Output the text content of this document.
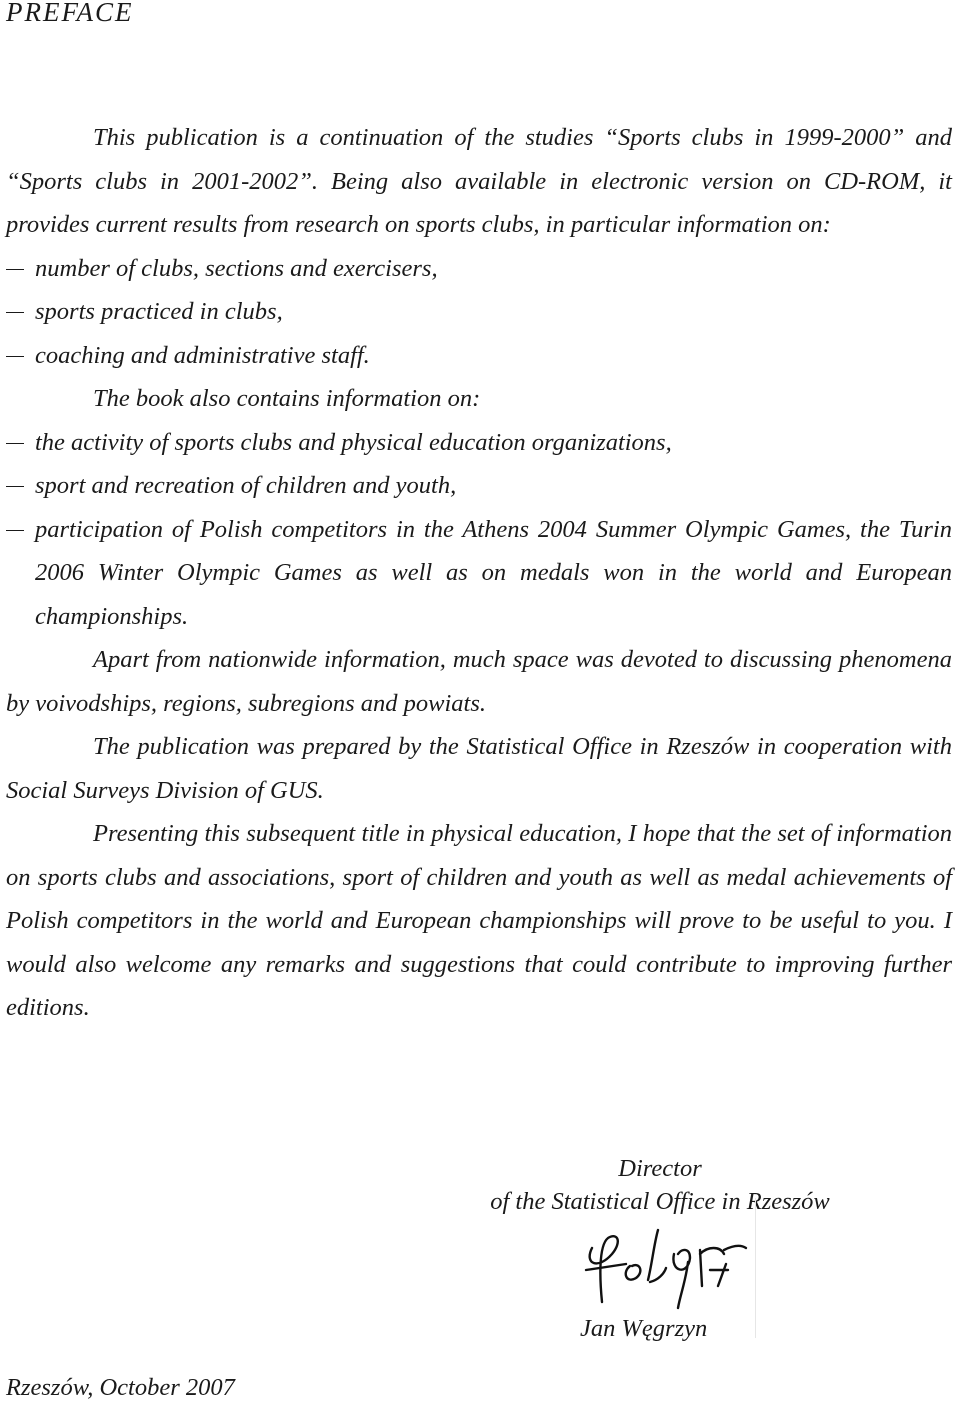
PREFACE

This publication is a continuation of the studies “Sports clubs in 1999-2000” and “Sports clubs in 2001-2002”. Being also available in electronic version on CD-ROM, it provides current results from research on sports clubs, in particular information on:

number of clubs, sections and exercisers,
sports practiced in clubs,
coaching and administrative staff.

The book also contains information on:

the activity of sports clubs and physical education organizations,
sport and recreation of children and youth,
participation of Polish competitors in the Athens 2004 Summer Olympic Games, the Turin 2006 Winter Olympic Games as well as on medals won in the world and European championships.

Apart from nationwide information, much space was devoted to discussing phenomena by voivodships, regions, subregions and powiats.

The publication was prepared by the Statistical Office in Rzeszów in cooperation with Social Surveys Division of GUS.

Presenting this subsequent title in physical education, I hope that the set of information on sports clubs and associations, sport of children and youth as well as medal achievements of Polish competitors in the world and European championships will prove to be useful to you. I would also welcome any remarks and suggestions that could contribute to improving further editions.

Director
of the Statistical Office in Rzeszów
Jan Węgrzyn
Rzeszów, October 2007
